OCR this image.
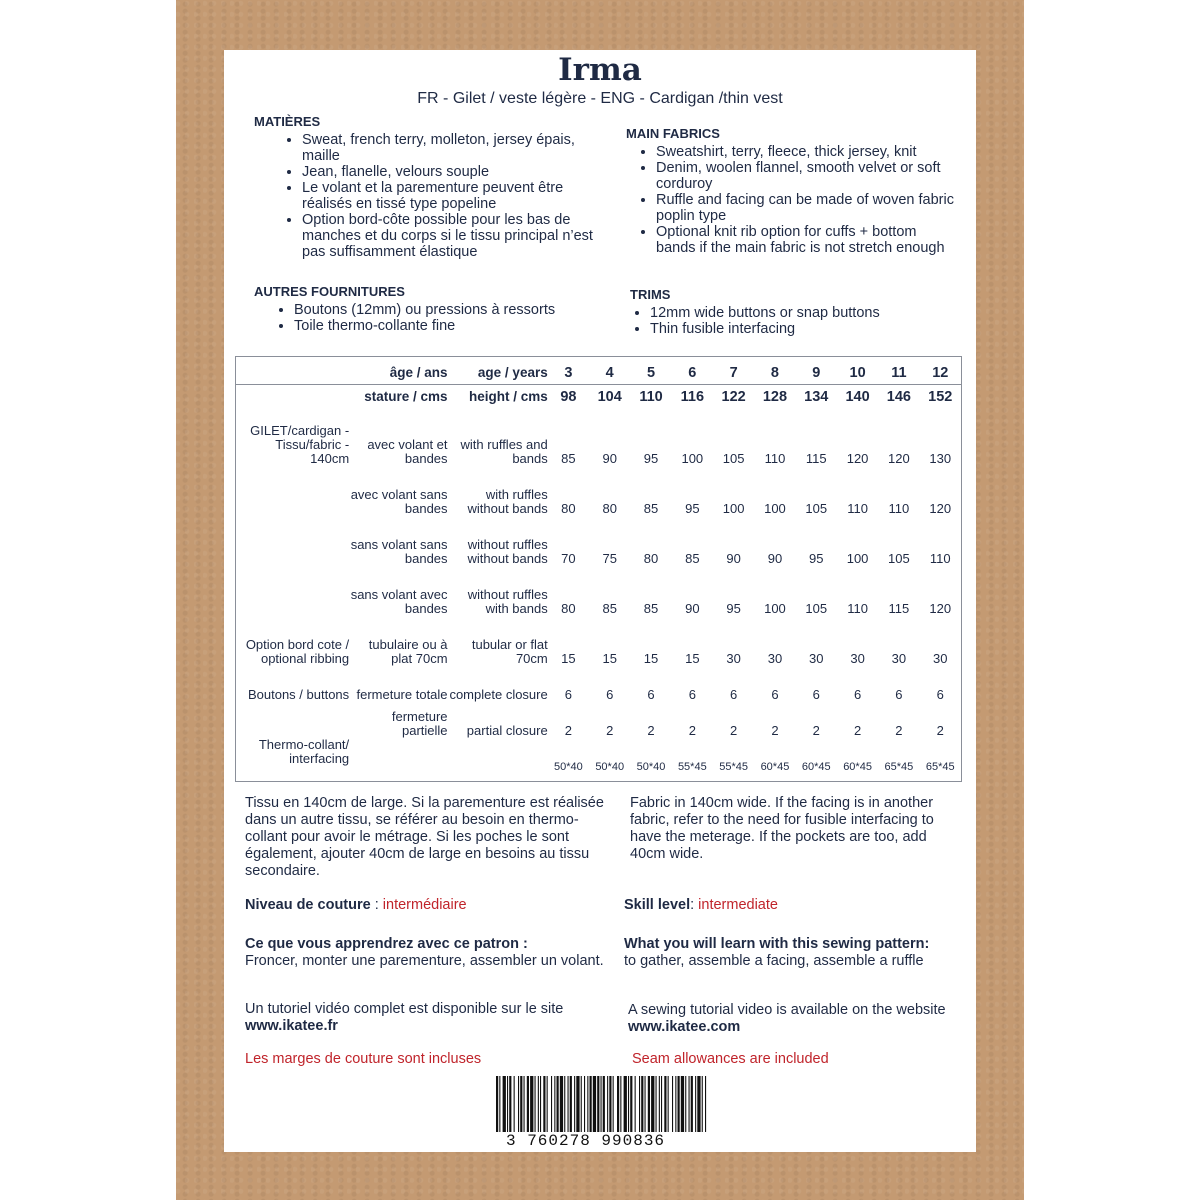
Irma
FR - Gilet / veste légère - ENG - Cardigan /thin vest
MATIÈRES
• Sweat, french terry, molleton, jersey épais, maille
• Jean, flanelle, velours souple
• Le volant et la parementure peuvent être réalisés en tissé type popeline
• Option bord-côte possible pour les bas de manches et du corps si le tissu principal n’est pas suffisamment élastique
MAIN FABRICS
• Sweatshirt, terry, fleece, thick jersey, knit
• Denim, woolen flannel, smooth velvet or soft corduroy
• Ruffle and facing can be made of woven fabric poplin type
• Optional knit rib option for cuffs + bottom bands if the main fabric is not stretch enough
AUTRES FOURNITURES
• Boutons (12mm) ou pressions à ressorts
• Toile thermo-collante fine
TRIMS
• 12mm wide buttons or snap buttons
• Thin fusible interfacing
	âge / ans	age / years	3	4	5	6	7	8	9	10	11	12
	stature / cms	height / cms	98	104	110	116	122	128	134	140	146	152

GILET/cardigan -Tissu/fabric - 140cm	avec volant et bandes	with ruffles and bands	85	90	95	100	105	110	115	120	120	130
	avec volant sans bandes	with ruffles without bands	80	80	85	95	100	100	105	110	110	120
	sans volant sans bandes	without ruffles without bands	70	75	80	85	90	90	95	100	105	110
	sans volant avec bandes	without ruffles with bands	80	85	85	90	95	100	105	110	115	120
Option bord cote / optional ribbing	tubulaire ou à plat 70cm	tubular or flat 70cm	15	15	15	15	30	30	30	30	30	30
Boutons / buttons	fermeture totale	complete closure	6	6	6	6	6	6	6	6	6	6
	fermeture partielle	partial closure	2	2	2	2	2	2	2	2	2	2
Thermo-collant/ interfacing			50*40	50*40	50*40	55*45	55*45	60*45	60*45	60*45	65*45	65*45
Tissu en 140cm de large. Si la parementure est réalisée dans un autre tissu, se référer au besoin en thermo-collant pour avoir le métrage. Si les poches le sont également, ajouter 40cm de large en besoins au tissu secondaire.
Fabric in 140cm wide. If the facing is in another fabric, refer to the need for fusible interfacing to have the meterage. If the pockets are too, add 40cm wide.
Niveau de couture : intermédiaire	Skill level: intermediate
Ce que vous apprendrez avec ce patron :
Froncer, monter une parementure, assembler un volant.
What you will learn with this sewing pattern:
to gather, assemble a facing, assemble a ruffle
Un tutoriel vidéo complet est disponible sur le site www.ikatee.fr
A sewing tutorial video is available on the website www.ikatee.com
Les marges de couture sont incluses	Seam allowances are included
3 760278 990836
